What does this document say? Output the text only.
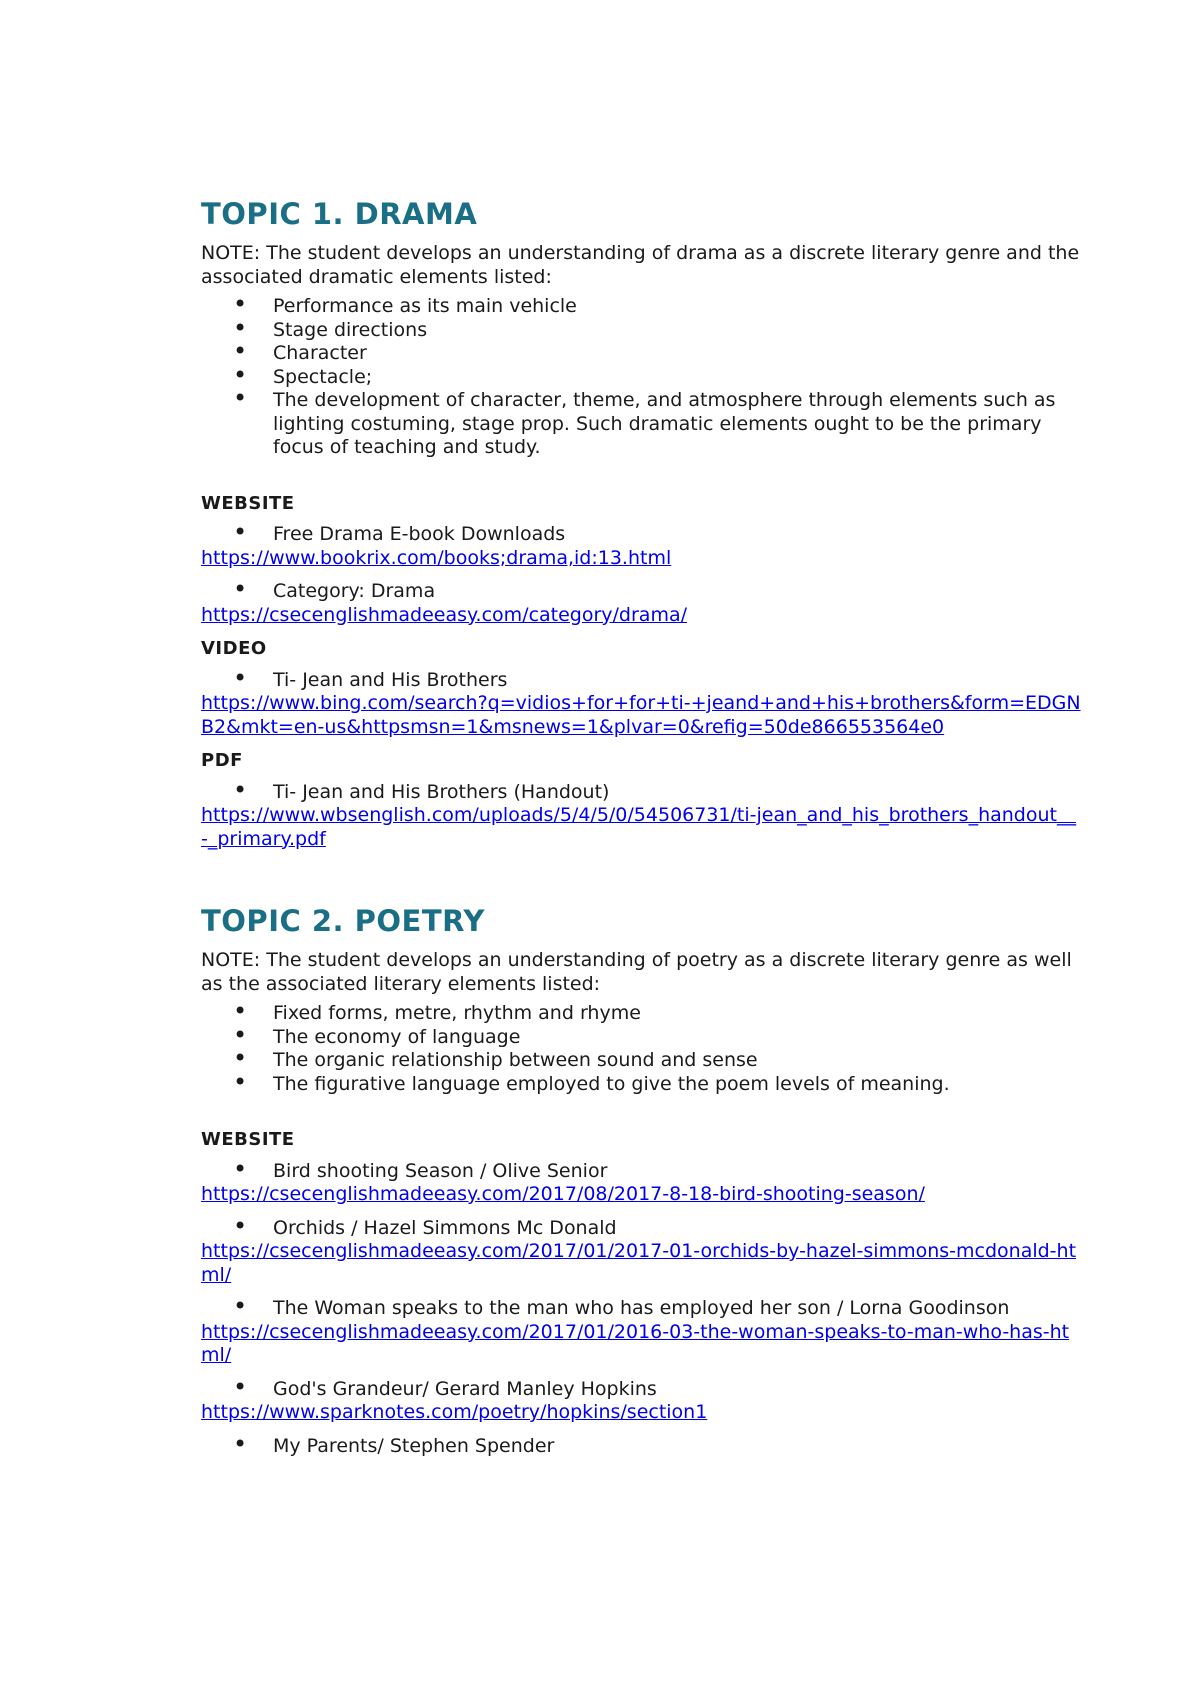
TOPIC 1. DRAMA
NOTE: The student develops an understanding of drama as a discrete literary genre and the associated dramatic elements listed:
• Performance as its main vehicle
• Stage directions
• Character
• Spectacle;
• The development of character, theme, and atmosphere through elements such as lighting costuming, stage prop. Such dramatic elements ought to be the primary focus of teaching and study.
WEBSITE
• Free Drama E-book Downloads
https://www.bookrix.com/books;drama,id:13.html
• Category: Drama
https://csecenglishmadeeasy.com/category/drama/
VIDEO
• Ti- Jean and His Brothers
https://www.bing.com/search?q=vidios+for+for+ti-+jeand+and+his+brothers&form=EDGNB2&mkt=en-us&httpsmsn=1&msnews=1&plvar=0&refig=50de866553564e0
PDF
• Ti- Jean and His Brothers (Handout)
https://www.wbsenglish.com/uploads/5/4/5/0/54506731/ti-jean_and_his_brothers_handout__-_primary.pdf
TOPIC 2. POETRY
NOTE: The student develops an understanding of poetry as a discrete literary genre as well as the associated literary elements listed:
• Fixed forms, metre, rhythm and rhyme
• The economy of language
• The organic relationship between sound and sense
• The figurative language employed to give the poem levels of meaning.
WEBSITE
• Bird shooting Season / Olive Senior
https://csecenglishmadeeasy.com/2017/08/2017-8-18-bird-shooting-season/
• Orchids / Hazel Simmons Mc Donald
https://csecenglishmadeeasy.com/2017/01/2017-01-orchids-by-hazel-simmons-mcdonald-html/
• The Woman speaks to the man who has employed her son / Lorna Goodinson
https://csecenglishmadeeasy.com/2017/01/2016-03-the-woman-speaks-to-man-who-has-html/
• God's Grandeur/ Gerard Manley Hopkins
https://www.sparknotes.com/poetry/hopkins/section1
• My Parents/ Stephen Spender
